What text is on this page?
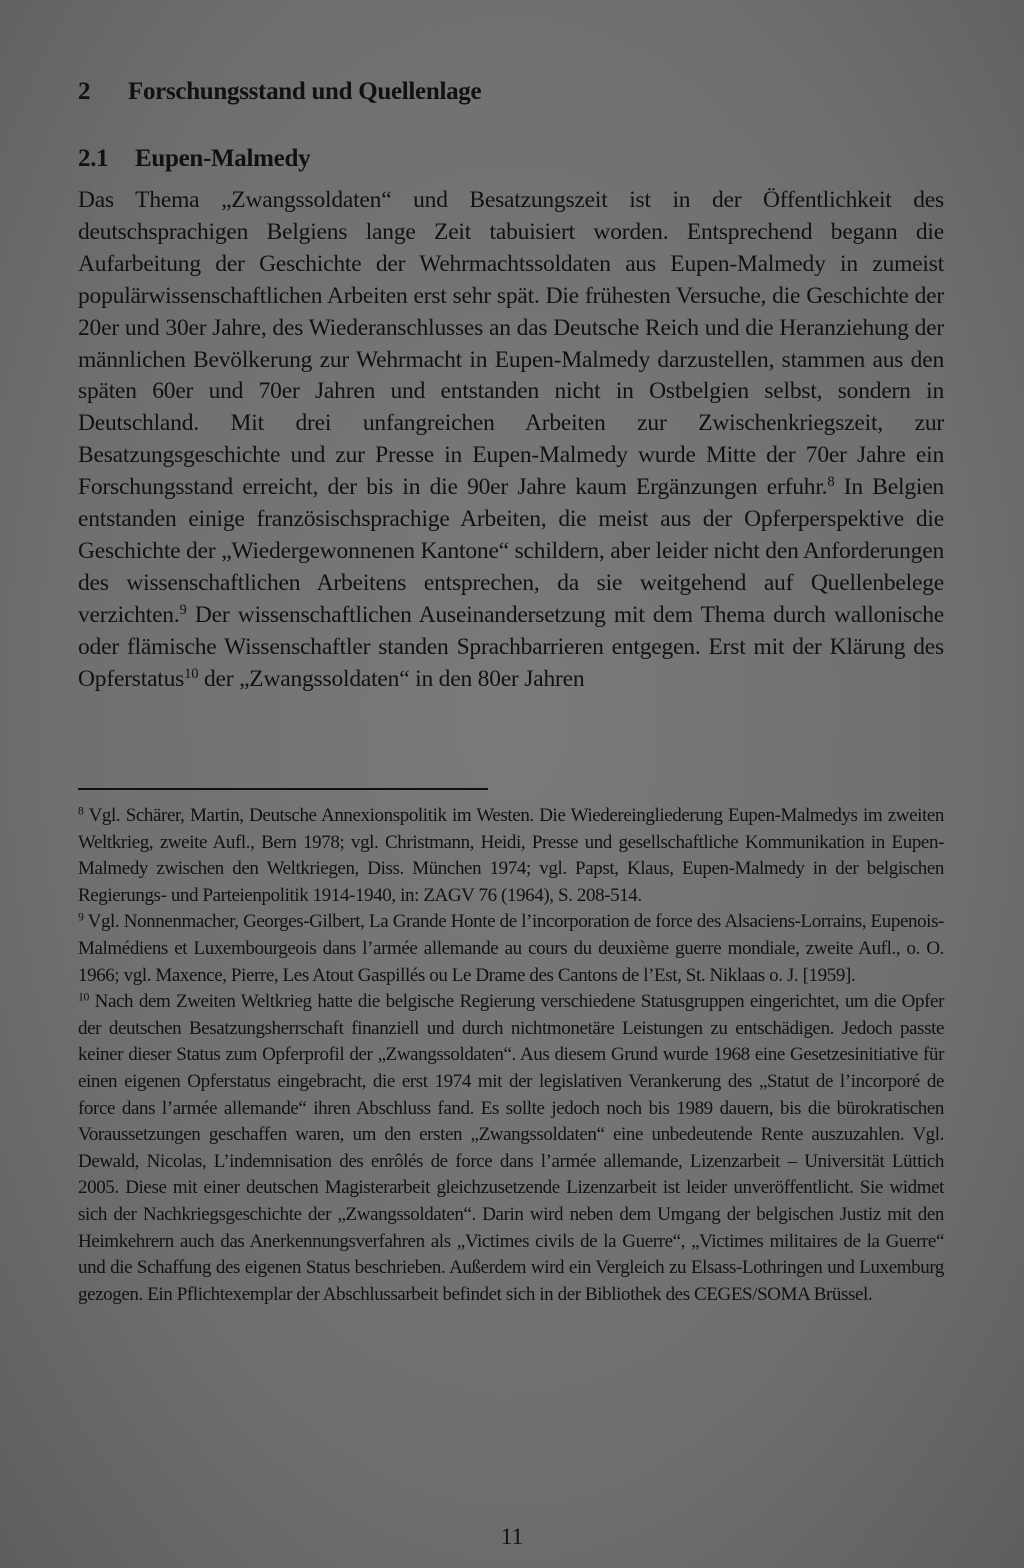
2 Forschungsstand und Quellenlage
2.1 Eupen-Malmedy
Das Thema „Zwangssoldaten“ und Besatzungszeit ist in der Öffentlichkeit des deutschsprachigen Belgiens lange Zeit tabuisiert worden. Entsprechend begann die Aufarbeitung der Geschichte der Wehrmachtssoldaten aus Eupen-Malmedy in zumeist populärwissenschaftlichen Arbeiten erst sehr spät. Die frühesten Versuche, die Geschichte der 20er und 30er Jahre, des Wiederanschlusses an das Deutsche Reich und die Heranziehung der männlichen Bevölkerung zur Wehrmacht in Eupen-Malmedy darzustellen, stammen aus den späten 60er und 70er Jahren und entstanden nicht in Ostbelgien selbst, sondern in Deutschland. Mit drei unfangreichen Arbeiten zur Zwischenkriegszeit, zur Besatzungsgeschichte und zur Presse in Eupen-Malmedy wurde Mitte der 70er Jahre ein Forschungsstand erreicht, der bis in die 90er Jahre kaum Ergänzungen erfuhr.$^8$ In Belgien entstanden einige französischsprachige Arbeiten, die meist aus der Opferperspektive die Geschichte der „Wiedergewonnenen Kantone“ schildern, aber leider nicht den Anforderungen des wissenschaftlichen Arbeitens entsprechen, da sie weitgehend auf Quellenbelege verzichten.$^9$ Der wissenschaftlichen Auseinandersetzung mit dem Thema durch wallonische oder flämische Wissenschaftler standen Sprachbarrieren entgegen. Erst mit der Klärung des Opferstatus$^{10}$ der „Zwangssoldaten“ in den 80er Jahren

$^8$ Vgl. Schärer, Martin, Deutsche Annexionspolitik im Westen. Die Wiedereingliederung Eupen-Malmedys im zweiten Weltkrieg, zweite Aufl., Bern 1978; vgl. Christmann, Heidi, Presse und gesellschaftliche Kommunikation in Eupen-Malmedy zwischen den Weltkriegen, Diss. München 1974; vgl. Papst, Klaus, Eupen-Malmedy in der belgischen Regierungs- und Parteienpolitik 1914-1940, in: ZAGV 76 (1964), S. 208-514.

$^9$ Vgl. Nonnenmacher, Georges-Gilbert, La Grande Honte de l’incorporation de force des Alsaciens-Lorrains, Eupenois-Malmédiens et Luxembourgeois dans l’armée allemande au cours du deuxième guerre mondiale, zweite Aufl., o. O. 1966; vgl. Maxence, Pierre, Les Atout Gaspillés ou Le Drame des Cantons de l’Est, St. Niklaas o. J. [1959].

$^{10}$ Nach dem Zweiten Weltkrieg hatte die belgische Regierung verschiedene Statusgruppen eingerichtet, um die Opfer der deutschen Besatzungsherrschaft finanziell und durch nichtmonetäre Leistungen zu entschädigen. Jedoch passte keiner dieser Status zum Opferprofil der „Zwangssoldaten“. Aus diesem Grund wurde 1968 eine Gesetzesinitiative für einen eigenen Opferstatus eingebracht, die erst 1974 mit der legislativen Verankerung des „Statut de l’incorporé de force dans l’armée allemande“ ihren Abschluss fand. Es sollte jedoch noch bis 1989 dauern, bis die bürokratischen Voraussetzungen geschaffen waren, um den ersten „Zwangssoldaten“ eine unbedeutende Rente auszuzahlen. Vgl. Dewald, Nicolas, L’indemnisation des enrôlés de force dans l’armée allemande, Lizenzarbeit – Universität Lüttich 2005. Diese mit einer deutschen Magisterarbeit gleichzusetzende Lizenzarbeit ist leider unveröffentlicht. Sie widmet sich der Nachkriegsgeschichte der „Zwangssoldaten“. Darin wird neben dem Umgang der belgischen Justiz mit den Heimkehrern auch das Anerkennungsverfahren als „Victimes civils de la Guerre“, „Victimes militaires de la Guerre“ und die Schaffung des eigenen Status beschrieben. Außerdem wird ein Vergleich zu Elsass-Lothringen und Luxemburg gezogen. Ein Pflichtexemplar der Abschlussarbeit befindet sich in der Bibliothek des CEGES/SOMA Brüssel.

11
